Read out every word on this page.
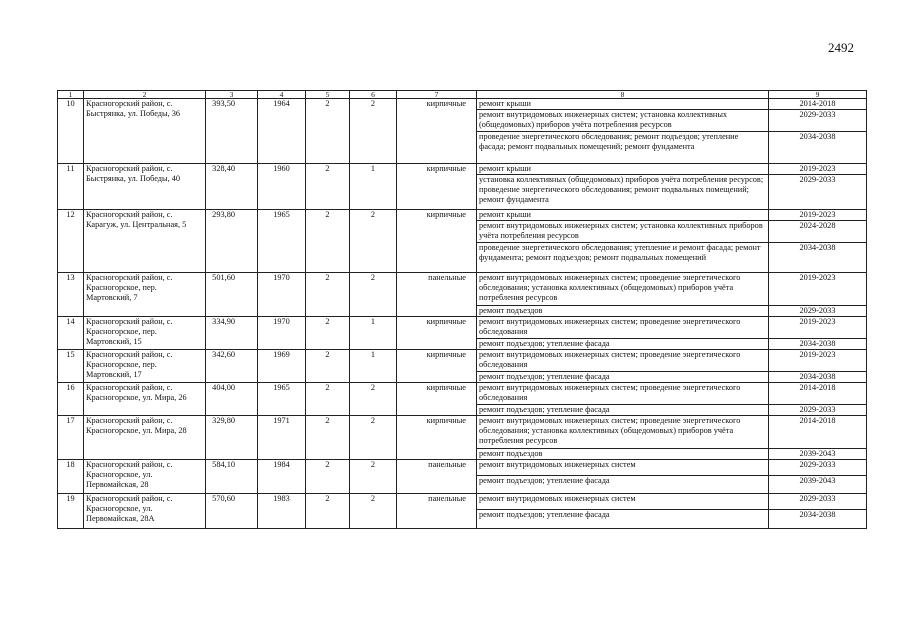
2492
1	2	3	4	5	6	7	8	9
10	Красногорский район, с. Быстрянка, ул. Победы, 36	393,50	1964	2	2	кирпичные	ремонт крыши	2014-2018
							ремонт внутридомовых инженерных систем; установка коллективных (общедомовых) приборов учёта потребления ресурсов	2029-2033
							проведение энергетического обследования; ремонт подъездов; утепление фасада; ремонт подвальных помещений; ремонт фундамента	2034-2038
11	Красногорский район, с. Быстрянка, ул. Победы, 40	328,40	1960	2	1	кирпичные	ремонт крыши	2019-2023
							установка коллективных (общедомовых) приборов учёта потребления ресурсов; проведение энергетического обследования; ремонт подвальных помещений; ремонт фундамента	2029-2033
12	Красногорский район, с. Карагуж, ул. Центральная, 5	293,80	1965	2	2	кирпичные	ремонт крыши	2019-2023
							ремонт внутридомовых инженерных систем; установка коллективных приборов учёта потребления ресурсов	2024-2028
							проведение энергетического обследования; утепление и ремонт фасада; ремонт фундамента; ремонт подъездов; ремонт подвальных помещений	2034-2038
13	Красногорский район, с. Красногорское, пер. Мартовский, 7	501,60	1970	2	2	панельные	ремонт внутридомовых инженерных систем; проведение энергетического обследования; установка коллективных (общедомовых) приборов учёта потребления ресурсов	2019-2023
							ремонт подъездов	2029-2033
14	Красногорский район, с. Красногорское, пер. Мартовский, 15	334,90	1970	2	1	кирпичные	ремонт внутридомовых инженерных систем; проведение энергетического обследования	2019-2023
							ремонт подъездов; утепление фасада	2034-2038
15	Красногорский район, с. Красногорское, пер. Мартовский, 17	342,60	1969	2	1	кирпичные	ремонт внутридомовых инженерных систем; проведение энергетического обследования	2019-2023
							ремонт подъездов; утепление фасада	2034-2038
16	Красногорский район, с. Красногорское, ул. Мира, 26	404,00	1965	2	2	кирпичные	ремонт внутридомовых инженерных систем; проведение энергетического обследования	2014-2018
							ремонт подъездов; утепление фасада	2029-2033
17	Красногорский район, с. Красногорское, ул. Мира, 28	329,80	1971	2	2	кирпичные	ремонт внутридомовых инженерных систем; проведение энергетического обследования; установка коллективных (общедомовых) приборов учёта потребления ресурсов	2014-2018
							ремонт подъездов	2039-2043
18	Красногорский район, с. Красногорское, ул. Первомайская, 28	584,10	1984	2	2	панельные	ремонт внутридомовых инженерных систем	2029-2033
							ремонт подъездов; утепление фасада	2039-2043
19	Красногорский район, с. Красногорское, ул. Первомайская, 28А	570,60	1983	2	2	панельные	ремонт внутридомовых инженерных систем	2029-2033
							ремонт подъездов; утепление фасада	2034-2038
